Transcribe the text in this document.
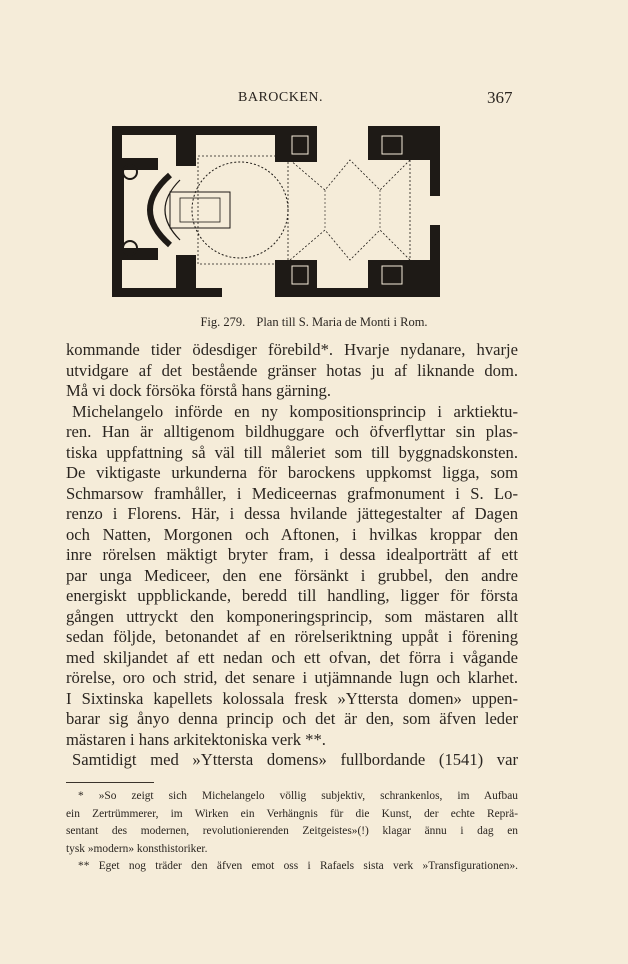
BAROCKEN.	367
Fig. 279. Plan till S. Maria de Monti i Rom.
kommande tider ödesdiger förebild*. Hvarje nydanare, hvarje
utvidgare af det bestående gränser hotas ju af liknande dom.
Må vi dock försöka förstå hans gärning.
Michelangelo införde en ny kompositionsprincip i arktiektu-
ren. Han är alltigenom bildhuggare och öfverflyttar sin plas-
tiska uppfattning så väl till måleriet som till byggnadskonsten.
De viktigaste urkunderna för barockens uppkomst ligga, som
Schmarsow framhåller, i Mediceernas grafmonument i S. Lo-
renzo i Florens. Här, i dessa hvilande jättegestalter af Dagen
och Natten, Morgonen och Aftonen, i hvilkas kroppar den
inre rörelsen mäktigt bryter fram, i dessa idealporträtt af ett
par unga Mediceer, den ene försänkt i grubbel, den andre
energiskt uppblickande, beredd till handling, ligger för första
gången uttryckt den komponeringsprincip, som mästaren allt
sedan följde, betonandet af en rörelseriktning uppåt i förening
med skiljandet af ett nedan och ett ofvan, det förra i vågande
rörelse, oro och strid, det senare i utjämnande lugn och klarhet.
I Sixtinska kapellets kolossala fresk »Yttersta domen» uppen-
barar sig ånyo denna princip och det är den, som äfven leder
mästaren i hans arkitektoniska verk **.
Samtidigt med »Yttersta domens» fullbordande (1541) var
* »So zeigt sich Michelangelo völlig subjektiv, schrankenlos, im Aufbau
ein Zertrümmerer, im Wirken ein Verhängnis für die Kunst, der echte Reprä-
sentant des modernen, revolutionierenden Zeitgeistes»(!) klagar ännu i dag en
tysk »modern» konsthistoriker.
** Eget nog träder den äfven emot oss i Rafaels sista verk »Transfigurationen».
